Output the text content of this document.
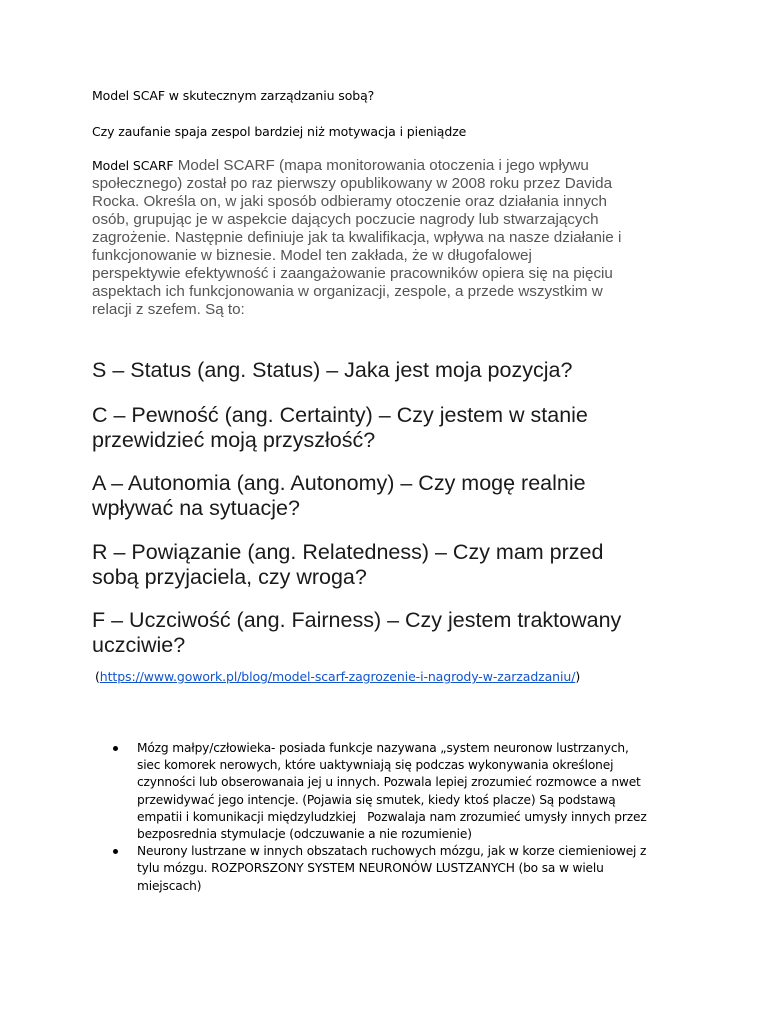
Model SCAF w skutecznym zarządzaniu sobą?
Czy zaufanie spaja zespol bardziej niż motywacja i pieniądze
Model SCARF Model SCARF (mapa monitorowania otoczenia i jego wpływu
społecznego) został po raz pierwszy opublikowany w 2008 roku przez Davida
Rocka. Określa on, w jaki sposób odbieramy otoczenie oraz działania innych
osób, grupując je w aspekcie dających poczucie nagrody lub stwarzających
zagrożenie. Następnie definiuje jak ta kwalifikacja, wpływa na nasze działanie i
funkcjonowanie w biznesie. Model ten zakłada, że w długofalowej
perspektywie efektywność i zaangażowanie pracowników opiera się na pięciu
aspektach ich funkcjonowania w organizacji, zespole, a przede wszystkim w
relacji z szefem. Są to:
S – Status (ang. Status) – Jaka jest moja pozycja?
C – Pewność (ang. Certainty) – Czy jestem w stanie
przewidzieć moją przyszłość?
A – Autonomia (ang. Autonomy) – Czy mogę realnie
wpływać na sytuacje?
R – Powiązanie (ang. Relatedness) – Czy mam przed
sobą przyjaciela, czy wroga?
F – Uczciwość (ang. Fairness) – Czy jestem traktowany
uczciwie?
(https://www.gowork.pl/blog/model-scarf-zagrozenie-i-nagrody-w-zarzadzaniu/)
Mózg małpy/człowieka- posiada funkcje nazywana „system neuronow lustrzanych,
siec komorek nerowych, które uaktywniają się podczas wykonywania określonej
czynności lub obserowanaia jej u innych. Pozwala lepiej zrozumieć rozmowce a nwet
przewidywać jego intencje. (Pojawia się smutek, kiedy ktoś placze) Są podstawą
empatii i komunikacji międzyludzkiej   Pozwalaja nam zrozumieć umysły innych przez
bezposrednia stymulacje (odczuwanie a nie rozumienie)
Neurony lustrzane w innych obszatach ruchowych mózgu, jak w korze ciemieniowej z
tylu mózgu. ROZPORSZONY SYSTEM NEURONÓW LUSTZANYCH (bo sa w wielu
miejscach)
